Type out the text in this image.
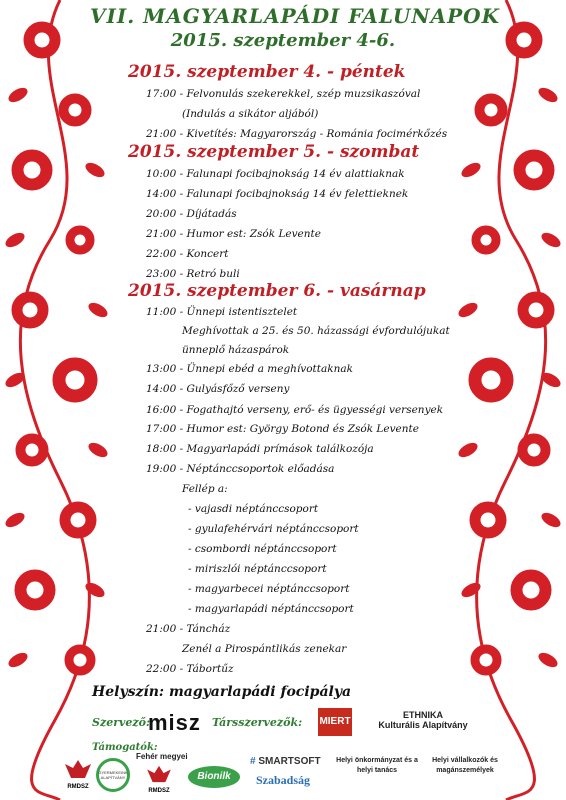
VII. MAGYARLAPÁDI FALUNAPOK
2015. szeptember 4-6.
2015. szeptember 4. - péntek
17:00 - Felvonulás szekerekkel, szép muzsikaszóval
(Indulás a sikátor aljából)
21:00 - Kivetítés: Magyarország - Románia focimérkőzés
2015. szeptember 5. - szombat
10:00 - Falunapi focibajnokság 14 év alattiaknak
14:00 - Falunapi focibajnokság 14 év felettieknek
20:00 - Díjátadás
21:00 - Humor est: Zsók Levente
22:00 - Koncert
23:00 - Retró buli
2015. szeptember 6. - vasárnap
11:00 - Ünnepi istentisztelet
Meghívottak a 25. és 50. házassági évfordulójukat
ünneplő házaspárok
13:00 - Ünnepi ebéd a meghívottaknak
14:00 - Gulyásfőző verseny
16:00 - Fogathajtó verseny, erő- és ügyességi versenyek
17:00 - Humor est: György Botond és Zsók Levente
18:00 - Magyarlapádi prímások találkozója
19:00 - Néptánccsoportok előadása
Fellép a:
- vajasdi néptánccsoport
- gyulafehérvári néptánccsoport
- csombordi néptánccsoport
- miriszlói néptánccsoport
- magyarbecei néptánccsoport
- magyarlapádi néptánccsoport
21:00 - Táncház
Zenél a Pirospántlikás zenekar
22:00 - Tábortűz
Helyszín: magyarlapádi focipálya
Szervező:
misz Társszervezők: MIERT
ETHNIKA
Kulturális Alapítvány
Támogatók:
RMDSZ
GYERMEKEINK ALAPÍTVÁNY
Fehér megyei
RMDSZ
Bionilk
# SMARTSOFT
Szabadság
Helyi önkormányzat és a helyi tanács
Helyi vállalkozók és magánszemélyek
